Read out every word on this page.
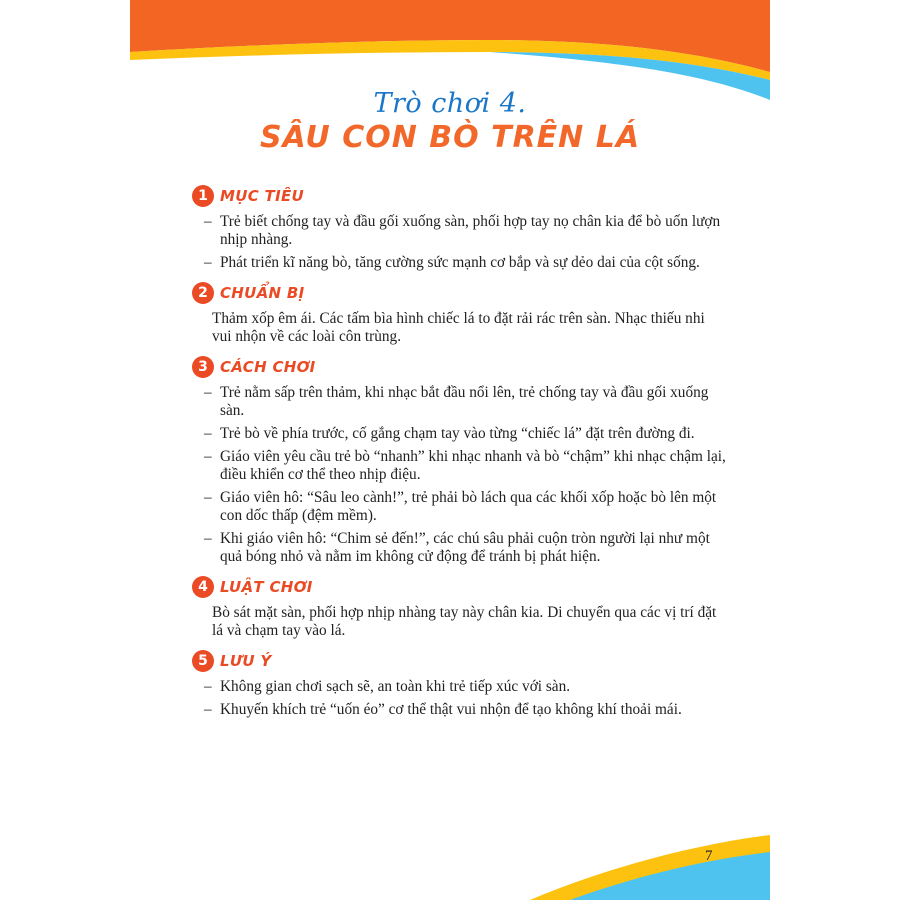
Trò chơi 4.
SÂU CON BÒ TRÊN LÁ
1 MỤC TIÊU
– Trẻ biết chống tay và đầu gối xuống sàn, phối hợp tay nọ chân kia để bò uốn lượn nhịp nhàng.
– Phát triển kĩ năng bò, tăng cường sức mạnh cơ bắp và sự dẻo dai của cột sống.
2 CHUẨN BỊ
Thảm xốp êm ái. Các tấm bìa hình chiếc lá to đặt rải rác trên sàn. Nhạc thiếu nhi vui nhộn về các loài côn trùng.
3 CÁCH CHƠI
– Trẻ nằm sấp trên thảm, khi nhạc bắt đầu nổi lên, trẻ chống tay và đầu gối xuống sàn.
– Trẻ bò về phía trước, cố gắng chạm tay vào từng “chiếc lá” đặt trên đường đi.
– Giáo viên yêu cầu trẻ bò “nhanh” khi nhạc nhanh và bò “chậm” khi nhạc chậm lại, điều khiển cơ thể theo nhịp điệu.
– Giáo viên hô: “Sâu leo cành!”, trẻ phải bò lách qua các khối xốp hoặc bò lên một con dốc thấp (đệm mềm).
– Khi giáo viên hô: “Chim sẻ đến!”, các chú sâu phải cuộn tròn người lại như một quả bóng nhỏ và nằm im không cử động để tránh bị phát hiện.
4 LUẬT CHƠI
Bò sát mặt sàn, phối hợp nhịp nhàng tay này chân kia. Di chuyển qua các vị trí đặt lá và chạm tay vào lá.
5 LƯU Ý
– Không gian chơi sạch sẽ, an toàn khi trẻ tiếp xúc với sàn.
– Khuyến khích trẻ “uốn éo” cơ thể thật vui nhộn để tạo không khí thoải mái.
7
